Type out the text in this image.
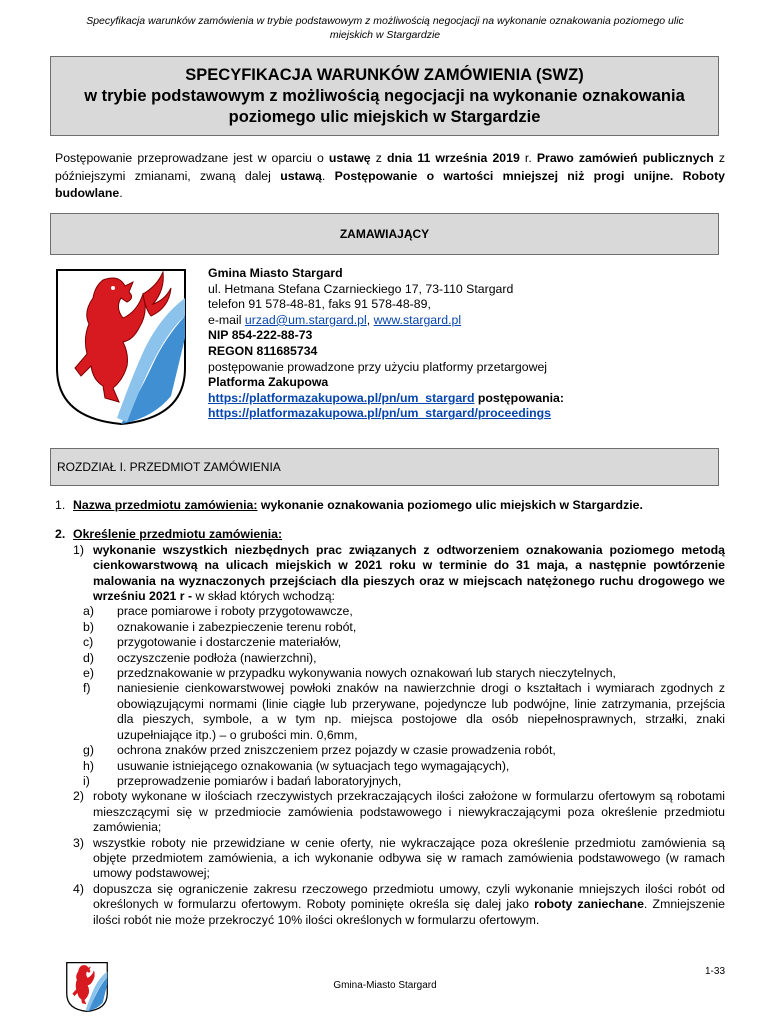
Specyfikacja warunków zamówienia w trybie podstawowym z możliwością negocjacji na wykonanie oznakowania poziomego ulic
miejskich w Stargardzie
SPECYFIKACJA WARUNKÓW ZAMÓWIENIA (SWZ)
w trybie podstawowym z możliwością negocjacji na wykonanie oznakowania
poziomego ulic miejskich w Stargardzie
Postępowanie przeprowadzane jest w oparciu o ustawę z dnia 11 września 2019 r. Prawo zamówień publicznych z późniejszymi zmianami, zwaną dalej ustawą. Postępowanie o wartości mniejszej niż progi unijne. Roboty budowlane.
ZAMAWIAJĄCY
Gmina Miasto Stargard
ul. Hetmana Stefana Czarnieckiego 17, 73-110 Stargard
telefon 91 578-48-81, faks 91 578-48-89,
e-mail urzad@um.stargard.pl, www.stargard.pl
NIP 854-222-88-73
REGON 811685734
postępowanie prowadzone przy użyciu platformy przetargowej
Platforma Zakupowa
https://platformazakupowa.pl/pn/um_stargard postępowania:
https://platformazakupowa.pl/pn/um_stargard/proceedings
ROZDZIAŁ I. PRZEDMIOT ZAMÓWIENIA
1. Nazwa przedmiotu zamówienia: wykonanie oznakowania poziomego ulic miejskich w Stargardzie.
2. Określenie przedmiotu zamówienia:
1) wykonanie wszystkich niezbędnych prac związanych z odtworzeniem oznakowania poziomego metodą cienkowarstwową na ulicach miejskich w 2021 roku w terminie do 31 maja, a następnie powtórzenie malowania na wyznaczonych przejściach dla pieszych oraz w miejscach natężonego ruchu drogowego we wrześniu 2021 r - w skład których wchodzą:
a)	prace pomiarowe i roboty przygotowawcze,
b)	oznakowanie i zabezpieczenie terenu robót,
c)	przygotowanie i dostarczenie materiałów,
d)	oczyszczenie podłoża (nawierzchni),
e)	przedznakowanie w przypadku wykonywania nowych oznakowań lub starych nieczytelnych,
f)	naniesienie cienkowarstwowej powłoki znaków na nawierzchnie drogi o kształtach i wymiarach zgodnych z obowiązującymi normami (linie ciągłe lub przerywane, pojedyncze lub podwójne, linie zatrzymania, przejścia dla pieszych, symbole, a w tym np. miejsca postojowe dla osób niepełnosprawnych, strzałki, znaki uzupełniające itp.) – o grubości min. 0,6mm,
g)	ochrona znaków przed zniszczeniem przez pojazdy w czasie prowadzenia robót,
h)	usuwanie istniejącego oznakowania (w sytuacjach tego wymagających),
i)	przeprowadzenie pomiarów i badań laboratoryjnych,
2) roboty wykonane w ilościach rzeczywistych przekraczających ilości założone w formularzu ofertowym są robotami mieszczącymi się w przedmiocie zamówienia podstawowego i niewykraczającymi poza określenie przedmiotu zamówienia;
3) wszystkie roboty nie przewidziane w cenie oferty, nie wykraczające poza określenie przedmiotu zamówienia są objęte przedmiotem zamówienia, a ich wykonanie odbywa się w ramach zamówienia podstawowego (w ramach umowy podstawowej;
4) dopuszcza się ograniczenie zakresu rzeczowego przedmiotu umowy, czyli wykonanie mniejszych ilości robót od określonych w formularzu ofertowym. Roboty pominięte określa się dalej jako roboty zaniechane. Zmniejszenie ilości robót nie może przekroczyć 10% ilości określonych w formularzu ofertowym.
1-33
Gmina-Miasto Stargard
